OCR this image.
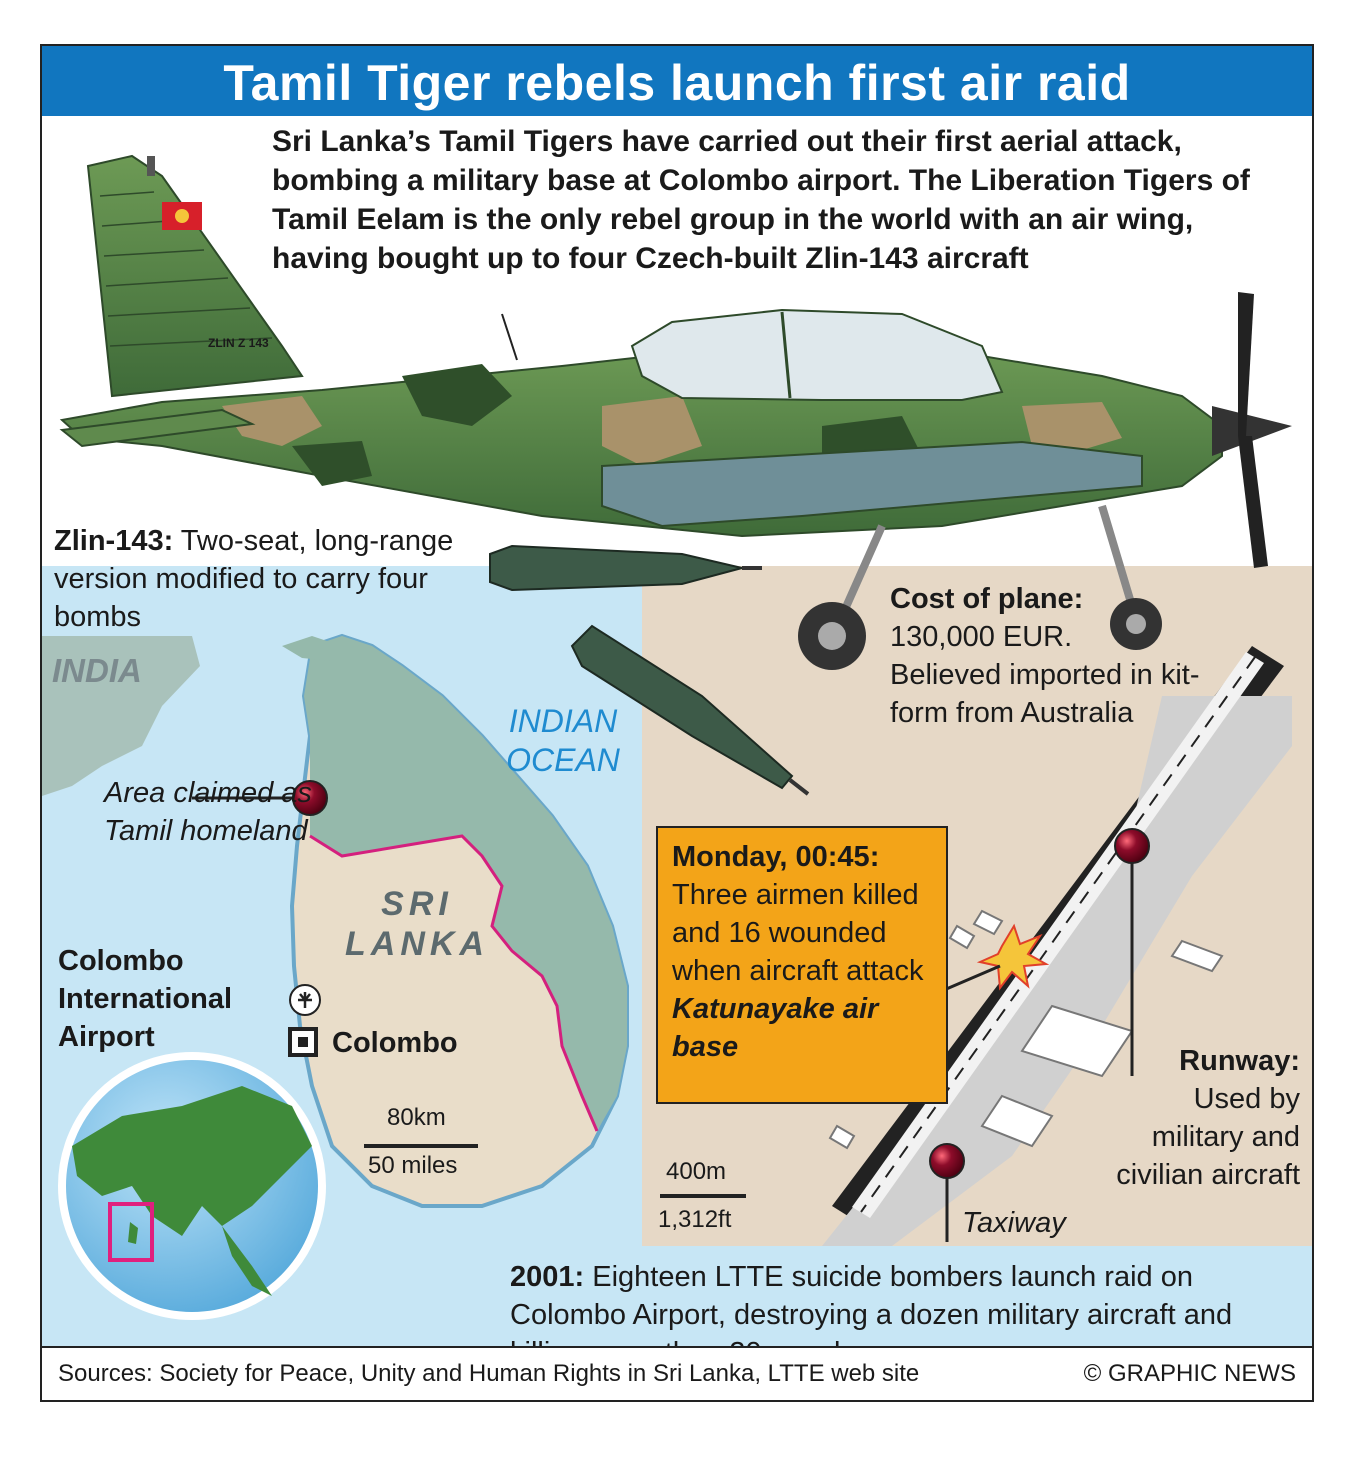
Tamil Tiger rebels launch first air raid
Sri Lanka’s Tamil Tigers have carried out their first aerial attack, bombing a military base at Colombo airport. The Liberation Tigers of Tamil Eelam is the only rebel group in the world with an air wing, having bought up to four Czech-built Zlin-143 aircraft
ZLIN Z 143
Zlin-143: Two-seat, long-range version modified to carry four bombs
Cost of plane:
130,000 EUR.
Believed imported in kit-form from Australia
INDIA
INDIAN OCEAN
SRI LANKA
Area claimed as Tamil homeland
Colombo International Airport	Colombo
80km
50 miles
Monday, 00:45:
Three airmen killed and 16 wounded when aircraft attack
Katunayake air base	Runway:
Used by military and civilian aircraft
Taxiway
400m
1,312ft
2001: Eighteen LTTE suicide bombers launch raid on Colombo Airport, destroying a dozen military aircraft and
Sources: Society for Peace, Unity and Human Rights in Sri Lanka, LTTE web site	© GRAPHIC NEWS
